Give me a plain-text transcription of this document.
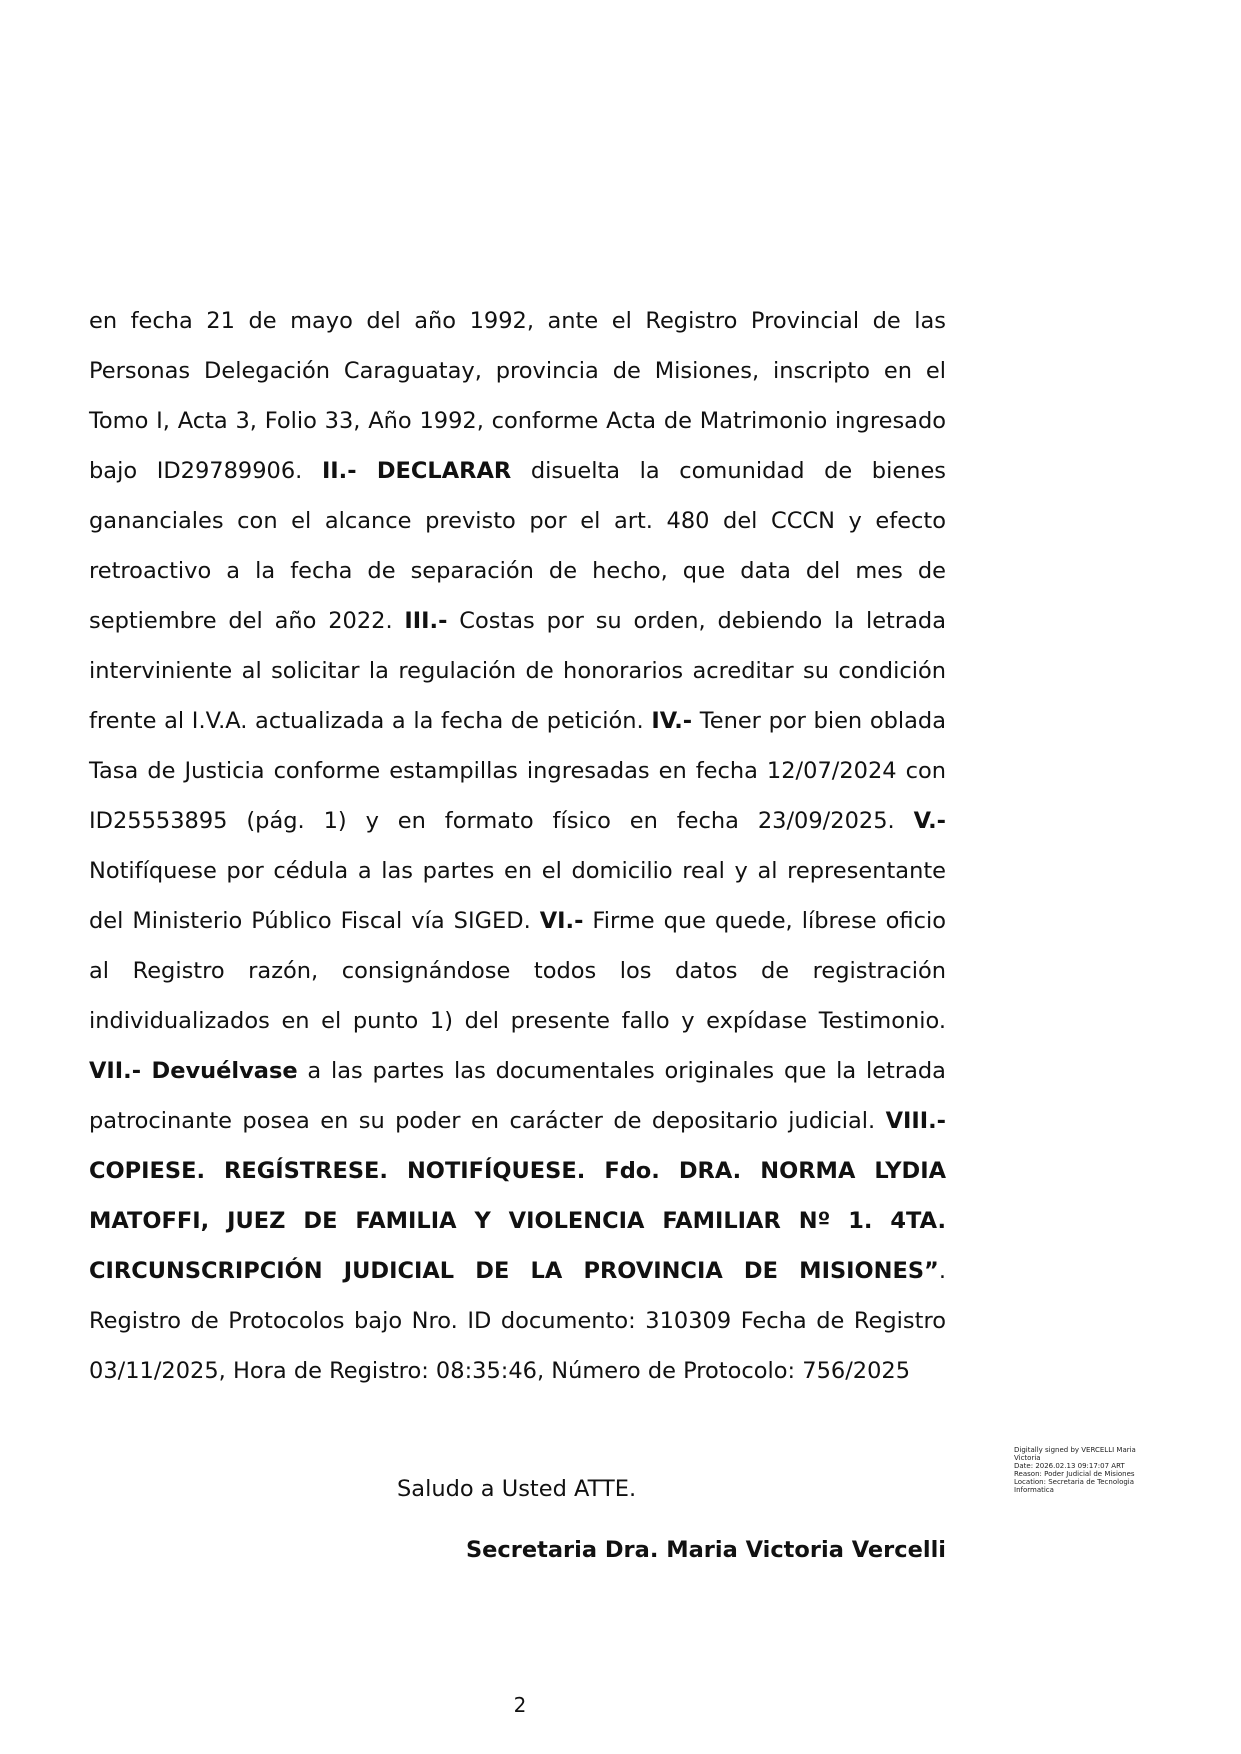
en fecha 21 de mayo del año 1992, ante el Registro Provincial de las Personas Delegación Caraguatay, provincia de Misiones, inscripto en el Tomo I, Acta 3, Folio 33, Año 1992, conforme Acta de Matrimonio ingresado bajo ID29789906. II.- DECLARAR disuelta la comunidad de bienes gananciales con el alcance previsto por el art. 480 del CCCN y efecto retroactivo a la fecha de separación de hecho, que data del mes de septiembre del año 2022. III.- Costas por su orden, debiendo la letrada interviniente al solicitar la regulación de honorarios acreditar su condición frente al I.V.A. actualizada a la fecha de petición. IV.- Tener por bien oblada Tasa de Justicia conforme estampillas ingresadas en fecha 12/07/2024 con ID25553895 (pág. 1) y en formato físico en fecha 23/09/2025. V.- Notifíquese por cédula a las partes en el domicilio real y al representante del Ministerio Público Fiscal vía SIGED. VI.- Firme que quede, líbrese oficio al Registro razón, consignándose todos los datos de registración individualizados en el punto 1) del presente fallo y expídase Testimonio. VII.- Devuélvase a las partes las documentales originales que la letrada patrocinante posea en su poder en carácter de depositario judicial. VIII.- COPIESE. REGÍSTRESE. NOTIFÍQUESE. Fdo. DRA. NORMA LYDIA MATOFFI, JUEZ DE FAMILIA Y VIOLENCIA FAMILIAR Nº 1. 4TA. CIRCUNSCRIPCIÓN JUDICIAL DE LA PROVINCIA DE MISIONES”. Registro de Protocolos bajo Nro. ID documento: 310309 Fecha de Registro 03/11/2025, Hora de Registro: 08:35:46, Número de Protocolo: 756/2025

Saludo a Usted ATTE.
Secretaria Dra. Maria Victoria Vercelli
Digitally signed by VERCELLI Maria
Victoria
Date: 2026.02.13 09:17:07 ART
Reason: Poder Judicial de Misiones
Location: Secretaria de Tecnologia
Informatica
2
